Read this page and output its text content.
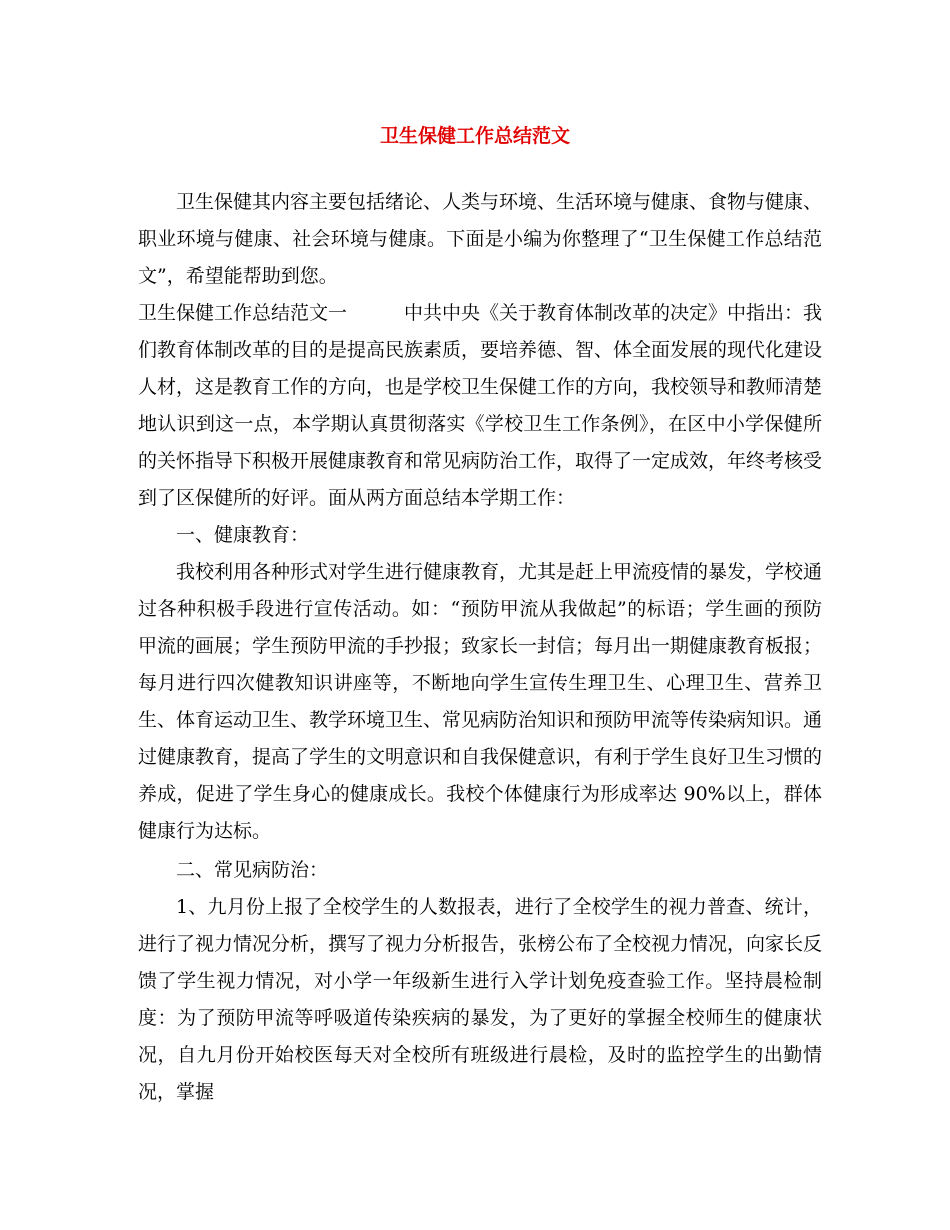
卫生保健工作总结范文

卫生保健其内容主要包括绪论、人类与环境、生活环境与健康、食物与健康、职业环境与健康、社会环境与健康。下面是小编为你整理了“卫生保健工作总结范文”，希望能帮助到您。

卫生保健工作总结范文一　　　中共中央《关于教育体制改革的决定》中指出：我们教育体制改革的目的是提高民族素质，要培养德、智、体全面发展的现代化建设人材，这是教育工作的方向，也是学校卫生保健工作的方向，我校领导和教师清楚地认识到这一点，本学期认真贯彻落实《学校卫生工作条例》，在区中小学保健所的关怀指导下积极开展健康教育和常见病防治工作，取得了一定成效，年终考核受到了区保健所的好评。面从两方面总结本学期工作：

一、健康教育：

我校利用各种形式对学生进行健康教育，尤其是赶上甲流疫情的暴发，学校通过各种积极手段进行宣传活动。如：“预防甲流从我做起”的标语；学生画的预防甲流的画展；学生预防甲流的手抄报；致家长一封信；每月出一期健康教育板报；每月进行四次健教知识讲座等，不断地向学生宣传生理卫生、心理卫生、营养卫生、体育运动卫生、教学环境卫生、常见病防治知识和预防甲流等传染病知识。通过健康教育，提高了学生的文明意识和自我保健意识，有利于学生良好卫生习惯的养成，促进了学生身心的健康成长。我校个体健康行为形成率达 90%以上，群体健康行为达标。

二、常见病防治：

1、九月份上报了全校学生的人数报表，进行了全校学生的视力普查、统计，进行了视力情况分析，撰写了视力分析报告，张榜公布了全校视力情况，向家长反馈了学生视力情况，对小学一年级新生进行入学计划免疫查验工作。坚持晨检制度：为了预防甲流等呼吸道传染疾病的暴发，为了更好的掌握全校师生的健康状况，自九月份开始校医每天对全校所有班级进行晨检，及时的监控学生的出勤情况，掌握
